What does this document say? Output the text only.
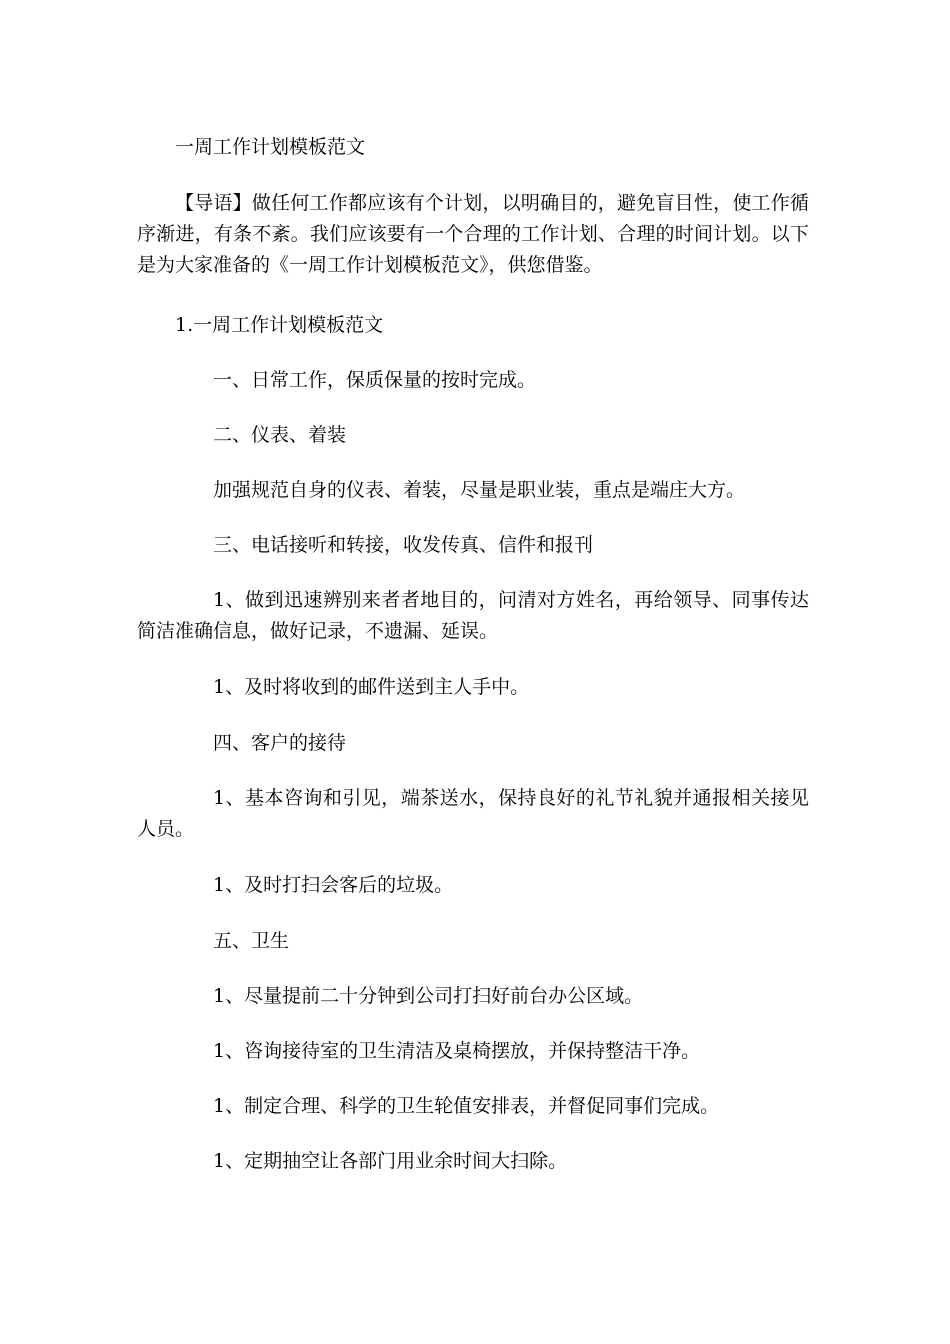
一周工作计划模板范文

【导语】做任何工作都应该有个计划，以明确目的，避免盲目性，使工作循序渐进，有条不紊。我们应该要有一个合理的工作计划、合理的时间计划。以下是为大家准备的《一周工作计划模板范文》，供您借鉴。

1.一周工作计划模板范文

一、日常工作，保质保量的按时完成。

二、仪表、着装

加强规范自身的仪表、着装，尽量是职业装，重点是端庄大方。

三、电话接听和转接，收发传真、信件和报刊

1、做到迅速辨别来者者地目的，问清对方姓名，再给领导、同事传达简洁准确信息，做好记录，不遗漏、延误。

1、及时将收到的邮件送到主人手中。

四、客户的接待

1、基本咨询和引见，端茶送水，保持良好的礼节礼貌并通报相关接见人员。

1、及时打扫会客后的垃圾。

五、卫生

1、尽量提前二十分钟到公司打扫好前台办公区域。

1、咨询接待室的卫生清洁及桌椅摆放，并保持整洁干净。

1、制定合理、科学的卫生轮值安排表，并督促同事们完成。

1、定期抽空让各部门用业余时间大扫除。
